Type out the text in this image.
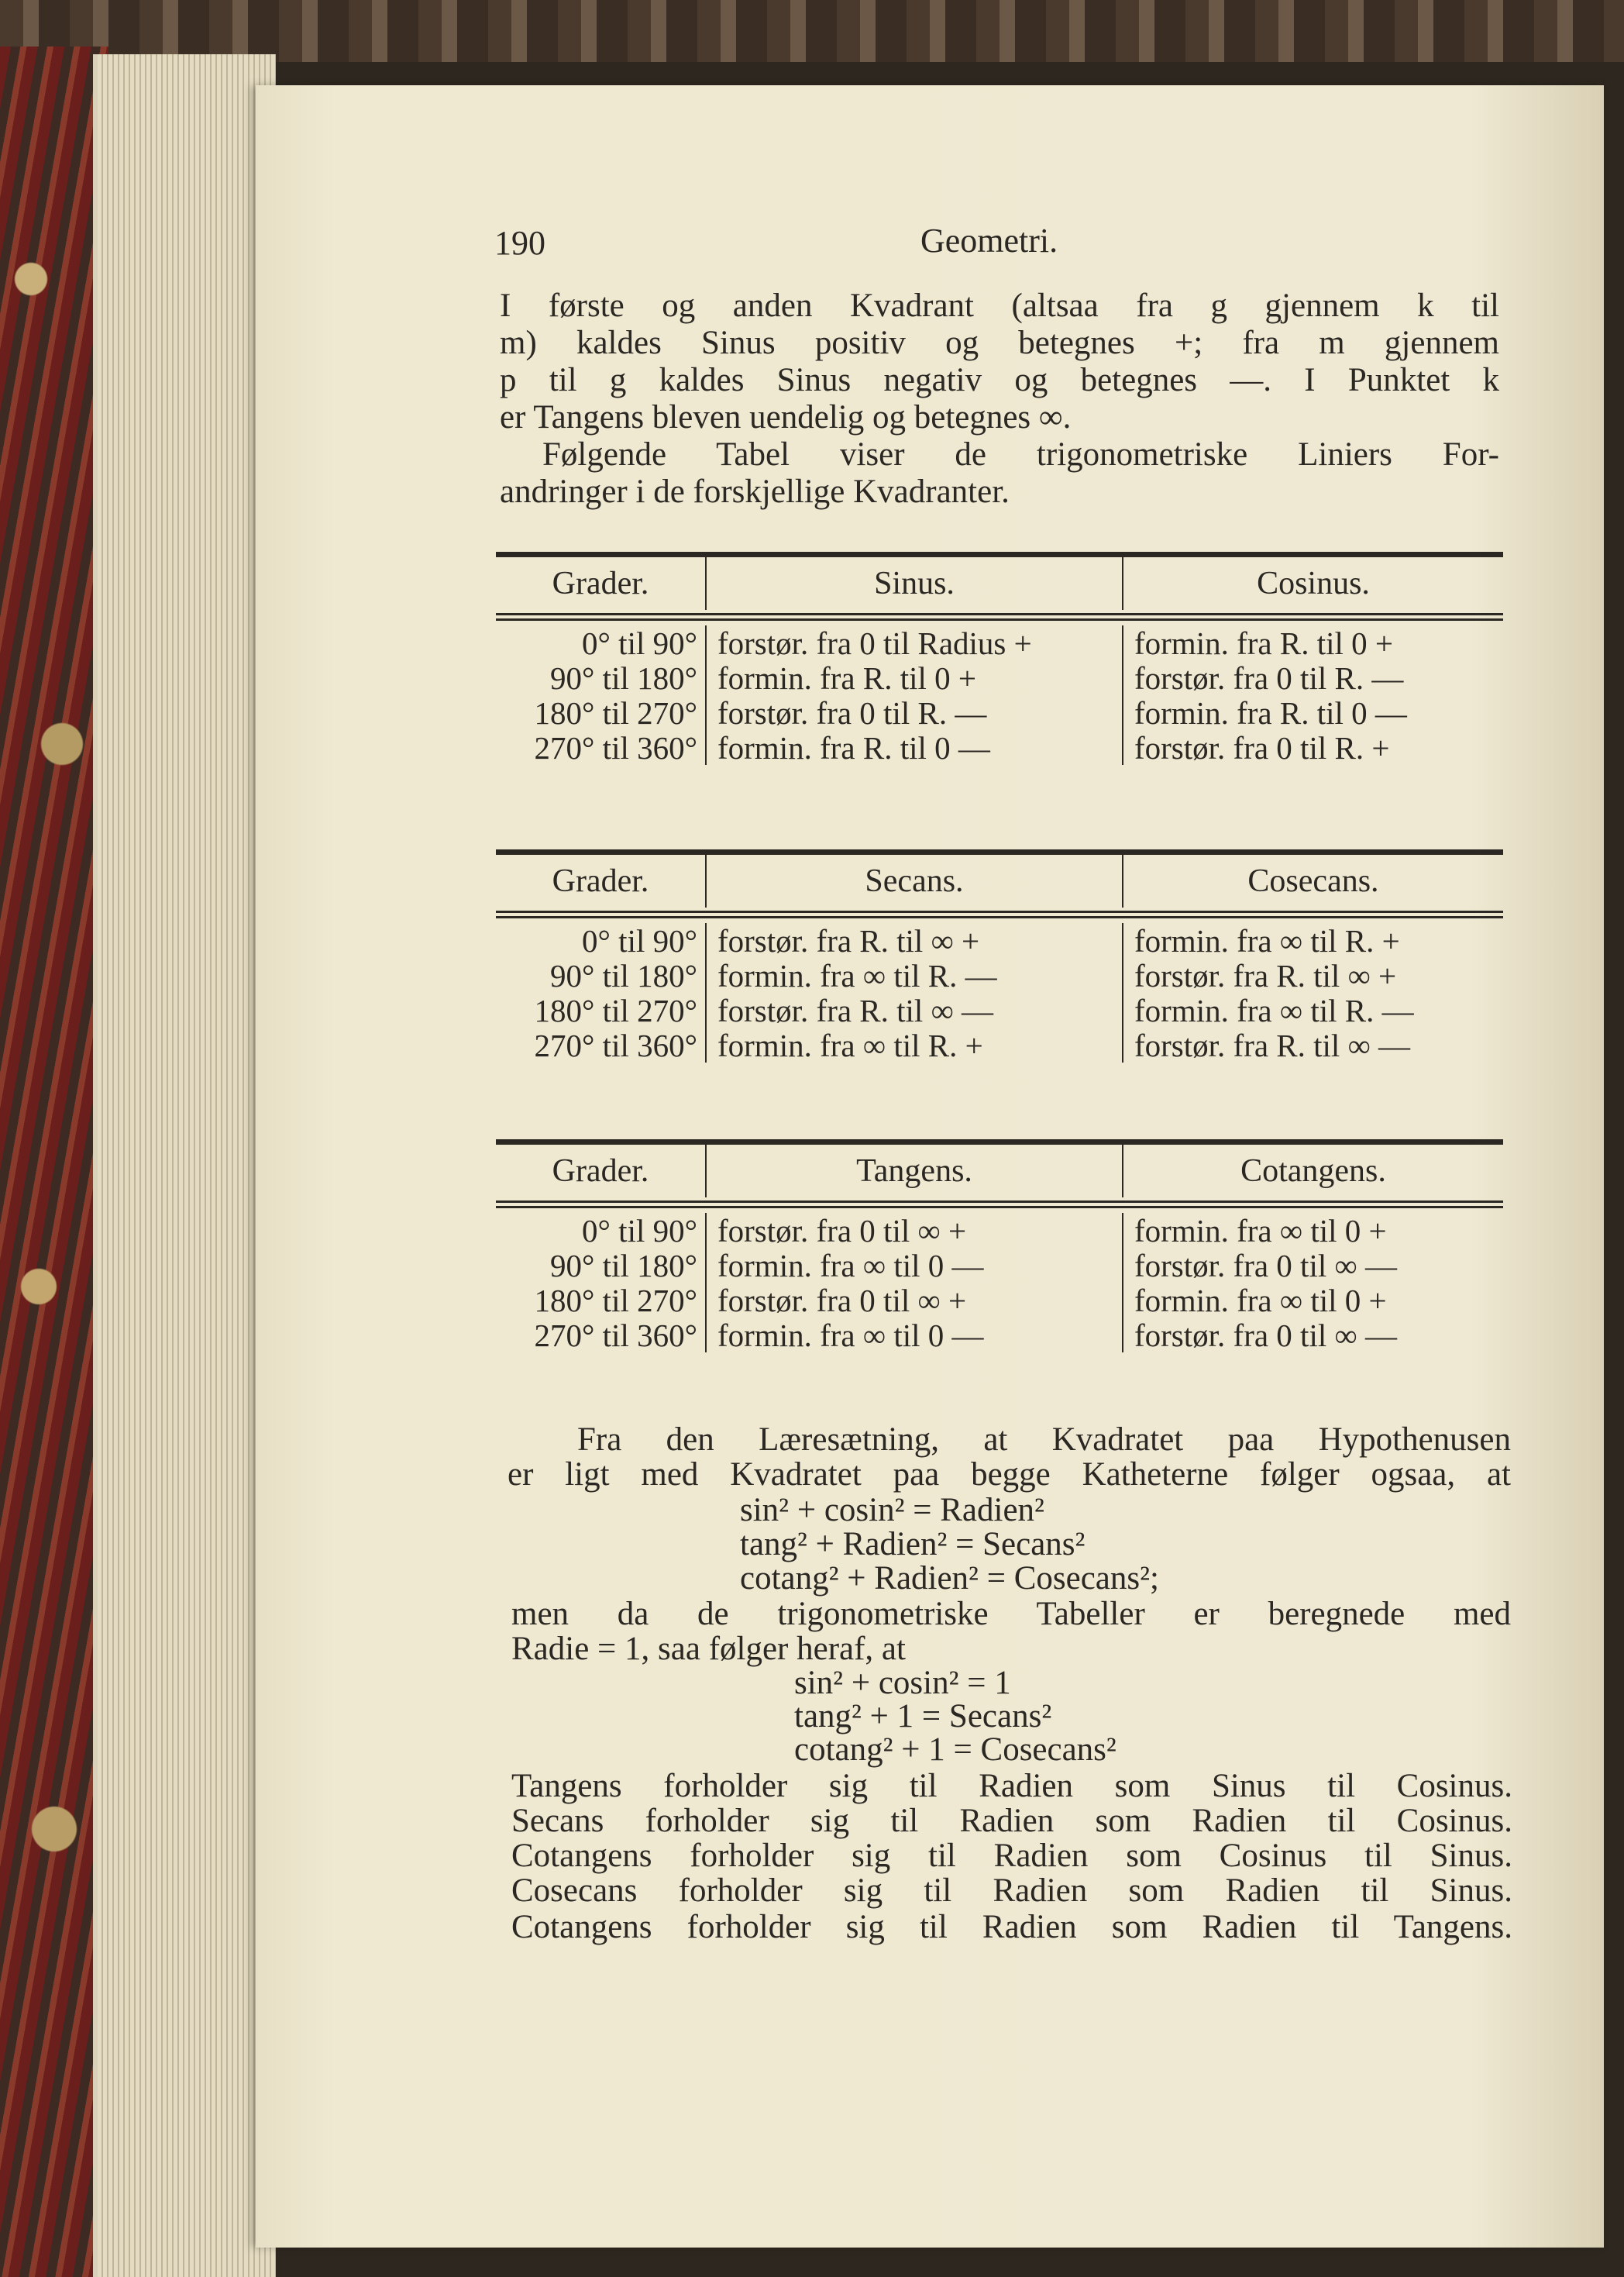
190	Geometri.
I første og anden Kvadrant (altsaa fra g gjennem k til
m) kaldes Sinus positiv og betegnes +; fra m gjennem
p til g kaldes Sinus negativ og betegnes —. I Punktet k
er Tangens bleven uendelig og betegnes ∞.
Følgende Tabel viser de trigonometriske Liniers For-
andringer i de forskjellige Kvadranter.
Grader.	Sinus.	Cosinus.
0° til 90° forstør. fra 0 til Radius +	formin. fra R. til 0 +
90° til 180° formin. fra R. til 0 +	forstør. fra 0 til R. —
180° til 270° forstør. fra 0 til R. —	formin. fra R. til 0 —
270° til 360° formin. fra R. til 0 —	forstør. fra 0 til R. +
Grader.	Secans.	Cosecans.
0° til 90° forstør. fra R. til ∞ +	formin. fra ∞ til R. +
90° til 180° formin. fra ∞ til R. —	forstør. fra R. til ∞ +
180° til 270° forstør. fra R. til ∞ —	formin. fra ∞ til R. —
270° til 360° formin. fra ∞ til R. +	forstør. fra R. til ∞ —
Grader.	Tangens.	Cotangens.
0° til 90° forstør. fra 0 til ∞ +	formin. fra ∞ til 0 +
90° til 180° formin. fra ∞ til 0 —	forstør. fra 0 til ∞ —
180° til 270° forstør. fra 0 til ∞ +	formin. fra ∞ til 0 +
270° til 360° formin. fra ∞ til 0 —	forstør. fra 0 til ∞ —
Fra den Læresætning, at Kvadratet paa Hypothenusen
er ligt med Kvadratet paa begge Katheterne følger ogsaa, at
sin² + cosin² = Radien²
tang² + Radien² = Secans²
cotang² + Radien² = Cosecans²;
men da de trigonometriske Tabeller er beregnede med
Radie = 1, saa følger heraf, at
sin² + cosin² = 1
tang² + 1 = Secans²
cotang² + 1 = Cosecans²
Tangens forholder sig til Radien som Sinus til Cosinus.
Secans forholder sig til Radien som Radien til Cosinus.
Cotangens forholder sig til Radien som Cosinus til Sinus.
Cosecans forholder sig til Radien som Radien til Sinus.
Cotangens forholder sig til Radien som Radien til Tangens.
